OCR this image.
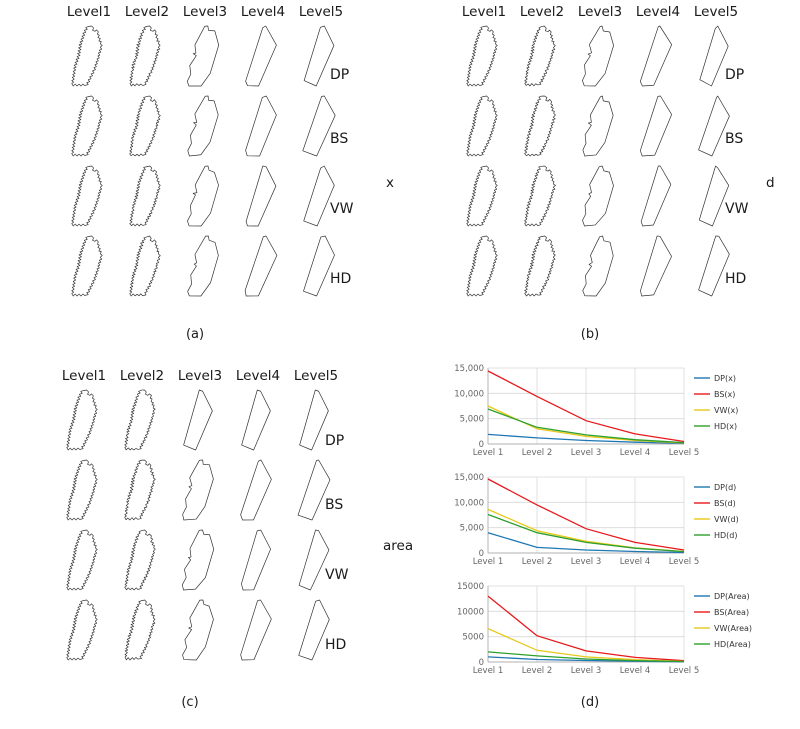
Level1	Level2	Level3	Level4	Level5
DP
BS
VW
HD
x
(a)
Level1	Level2	Level3	Level4	Level5
DP
BS
VW
HD
d
(b)
Level1	Level2	Level3	Level4	Level5
DP
BS
VW
HD
area
(c)
0
5,000
10,000
15,000
Level 1 Level 2 Level 3 Level 4 Level 5
DP(x)
BS(x)
VW(x)
HD(x)
0
5,000
10,000
15,000
Level 1 Level 2 Level 3 Level 4 Level 5
DP(d)
BS(d)
VW(d)
HD(d)
0
5000
10000
15000
Level 1 Level 2 Level 3 Level 4 Level 5
DP(Area)
BS(Area)
VW(Area)
HD(Area)
(d)
